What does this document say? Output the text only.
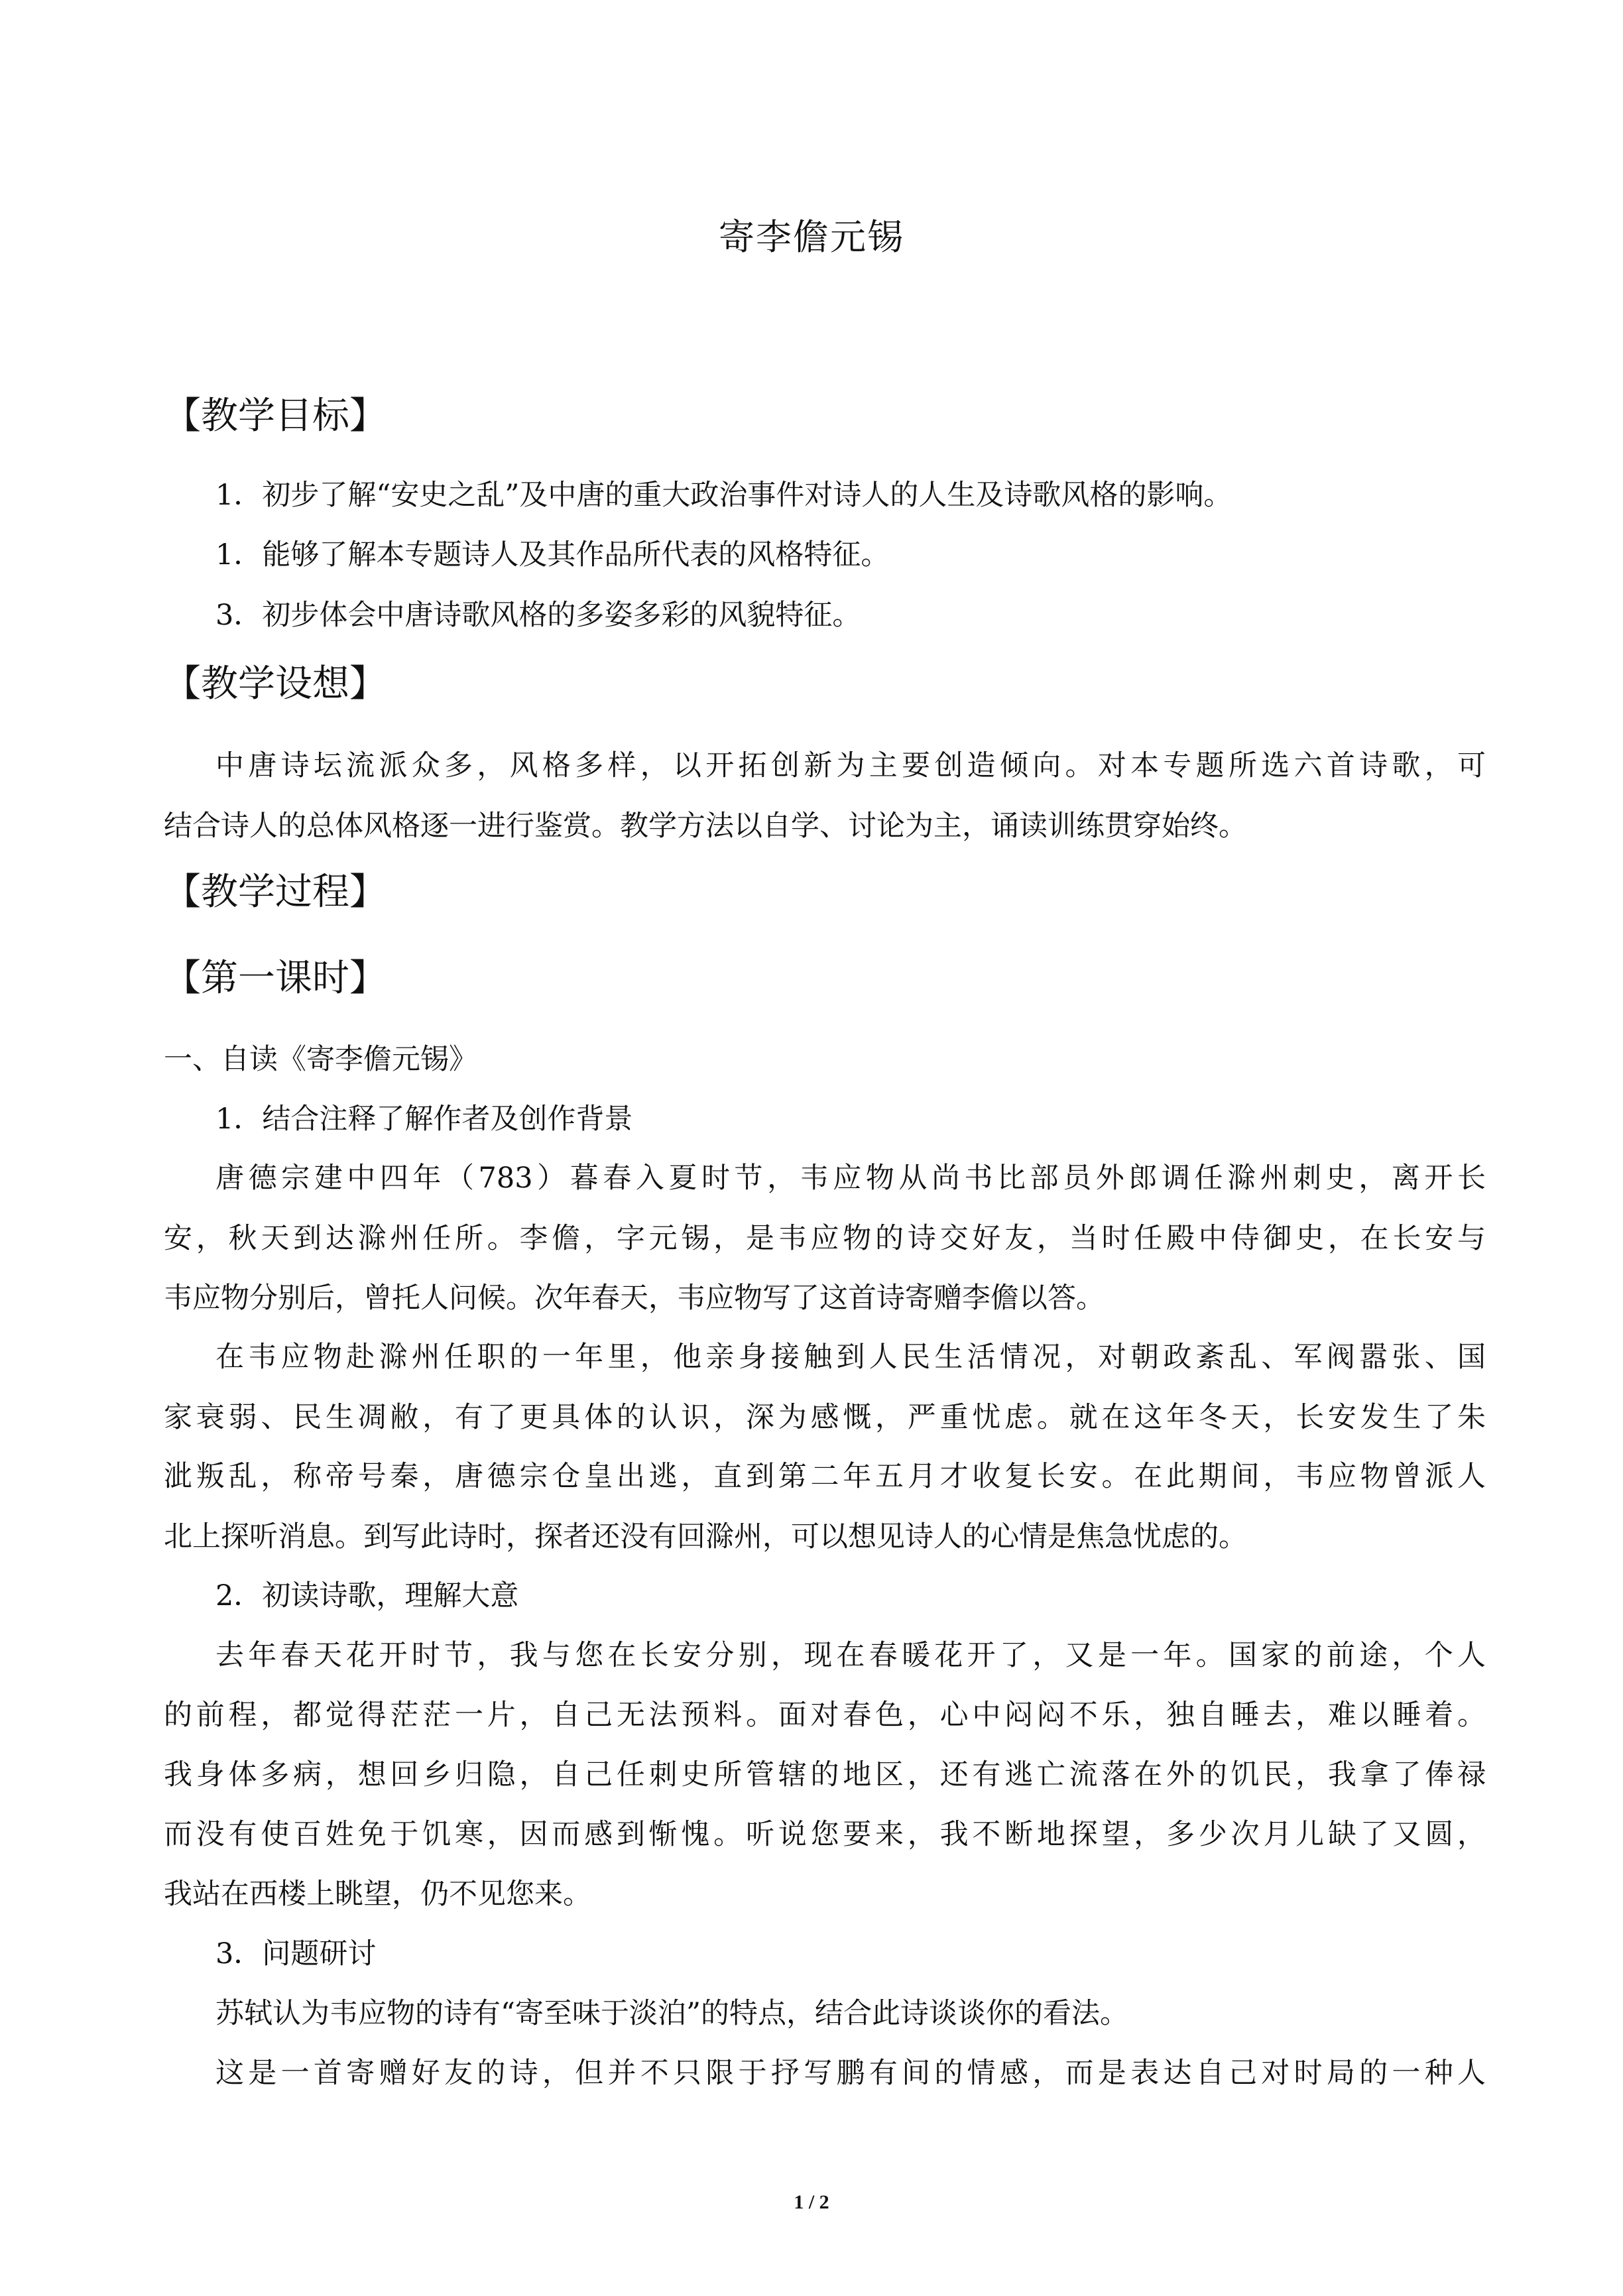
寄李儋元锡
【教学目标】
1．初步了解“安史之乱”及中唐的重大政治事件对诗人的人生及诗歌风格的影响。
1．能够了解本专题诗人及其作品所代表的风格特征。
3．初步体会中唐诗歌风格的多姿多彩的风貌特征。
【教学设想】
中唐诗坛流派众多，风格多样，以开拓创新为主要创造倾向。对本专题所选六首诗歌，可
结合诗人的总体风格逐一进行鉴赏。教学方法以自学、讨论为主，诵读训练贯穿始终。
【教学过程】
【第一课时】
一、自读《寄李儋元锡》
1．结合注释了解作者及创作背景
唐德宗建中四年（783）暮春入夏时节，韦应物从尚书比部员外郎调任滁州刺史，离开长
安，秋天到达滁州任所。李儋，字元锡，是韦应物的诗交好友，当时任殿中侍御史，在长安与
韦应物分别后，曾托人问候。次年春天，韦应物写了这首诗寄赠李儋以答。
在韦应物赴滁州任职的一年里，他亲身接触到人民生活情况，对朝政紊乱、军阀嚣张、国
家衰弱、民生凋敝，有了更具体的认识，深为感慨，严重忧虑。就在这年冬天，长安发生了朱
泚叛乱，称帝号秦，唐德宗仓皇出逃，直到第二年五月才收复长安。在此期间，韦应物曾派人
北上探听消息。到写此诗时，探者还没有回滁州，可以想见诗人的心情是焦急忧虑的。
2．初读诗歌，理解大意
去年春天花开时节，我与您在长安分别，现在春暖花开了，又是一年。国家的前途，个人
的前程，都觉得茫茫一片，自己无法预料。面对春色，心中闷闷不乐，独自睡去，难以睡着。
我身体多病，想回乡归隐，自己任刺史所管辖的地区，还有逃亡流落在外的饥民，我拿了俸禄
而没有使百姓免于饥寒，因而感到惭愧。听说您要来，我不断地探望，多少次月儿缺了又圆，
我站在西楼上眺望，仍不见您来。
3．问题研讨
苏轼认为韦应物的诗有“寄至味于淡泊”的特点，结合此诗谈谈你的看法。
这是一首寄赠好友的诗，但并不只限于抒写鹏有间的情感，而是表达自己对时局的一种人
1 / 2
